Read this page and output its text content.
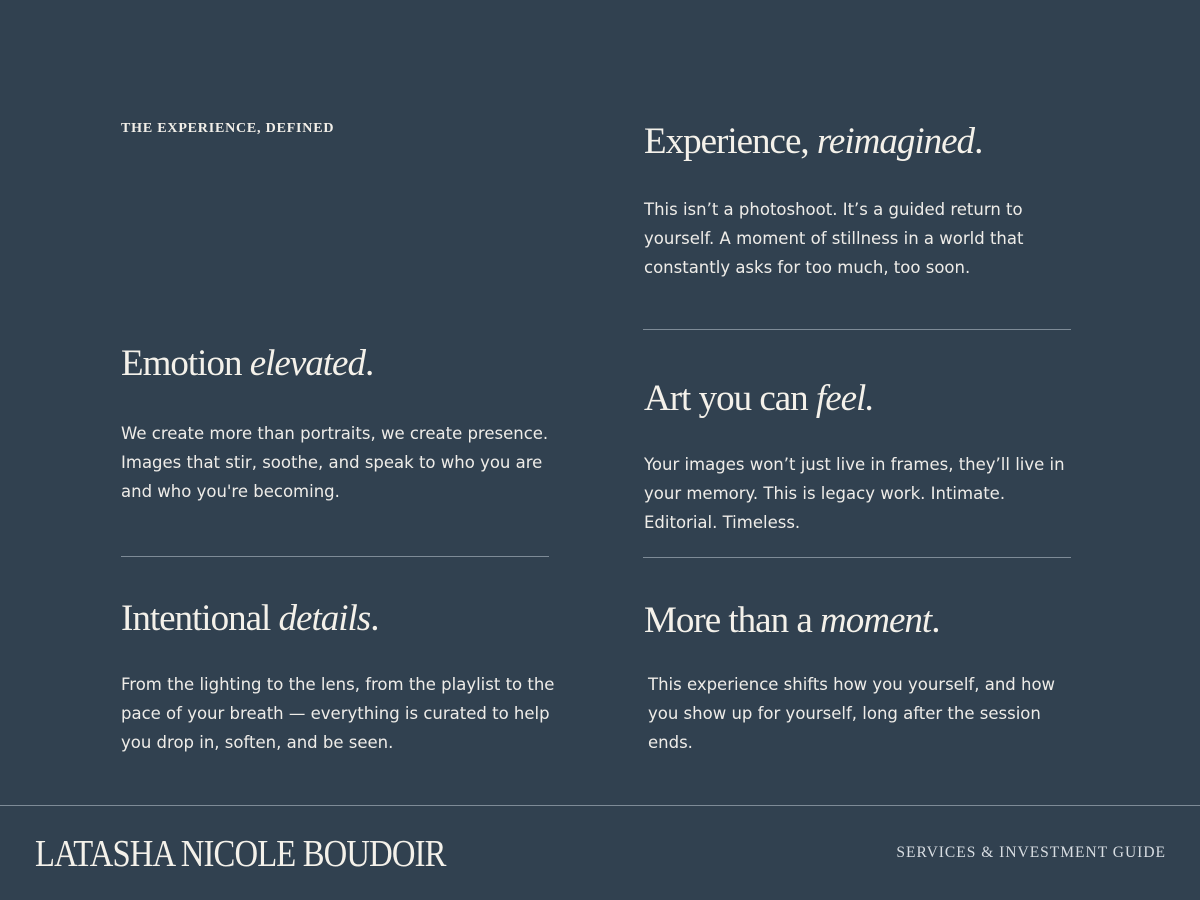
THE EXPERIENCE, DEFINED	Experience, reimagined.

This isn’t a photoshoot. It’s a guided return to yourself. A moment of stillness in a world that constantly asks for too much, too soon.

Emotion elevated.

We create more than portraits, we create presence. Images that stir, soothe, and speak to who you are and who you're becoming.

Art you can feel.

Your images won’t just live in frames, they’ll live in your memory. This is legacy work. Intimate. Editorial. Timeless.

Intentional details.

From the lighting to the lens, from the playlist to the pace of your breath — everything is curated to help you drop in, soften, and be seen.

More than a moment.

This experience shifts how you yourself, and how you show up for yourself, long after the session ends.

LATASHA NICOLE BOUDOIR	SERVICES & INVESTMENT GUIDE
